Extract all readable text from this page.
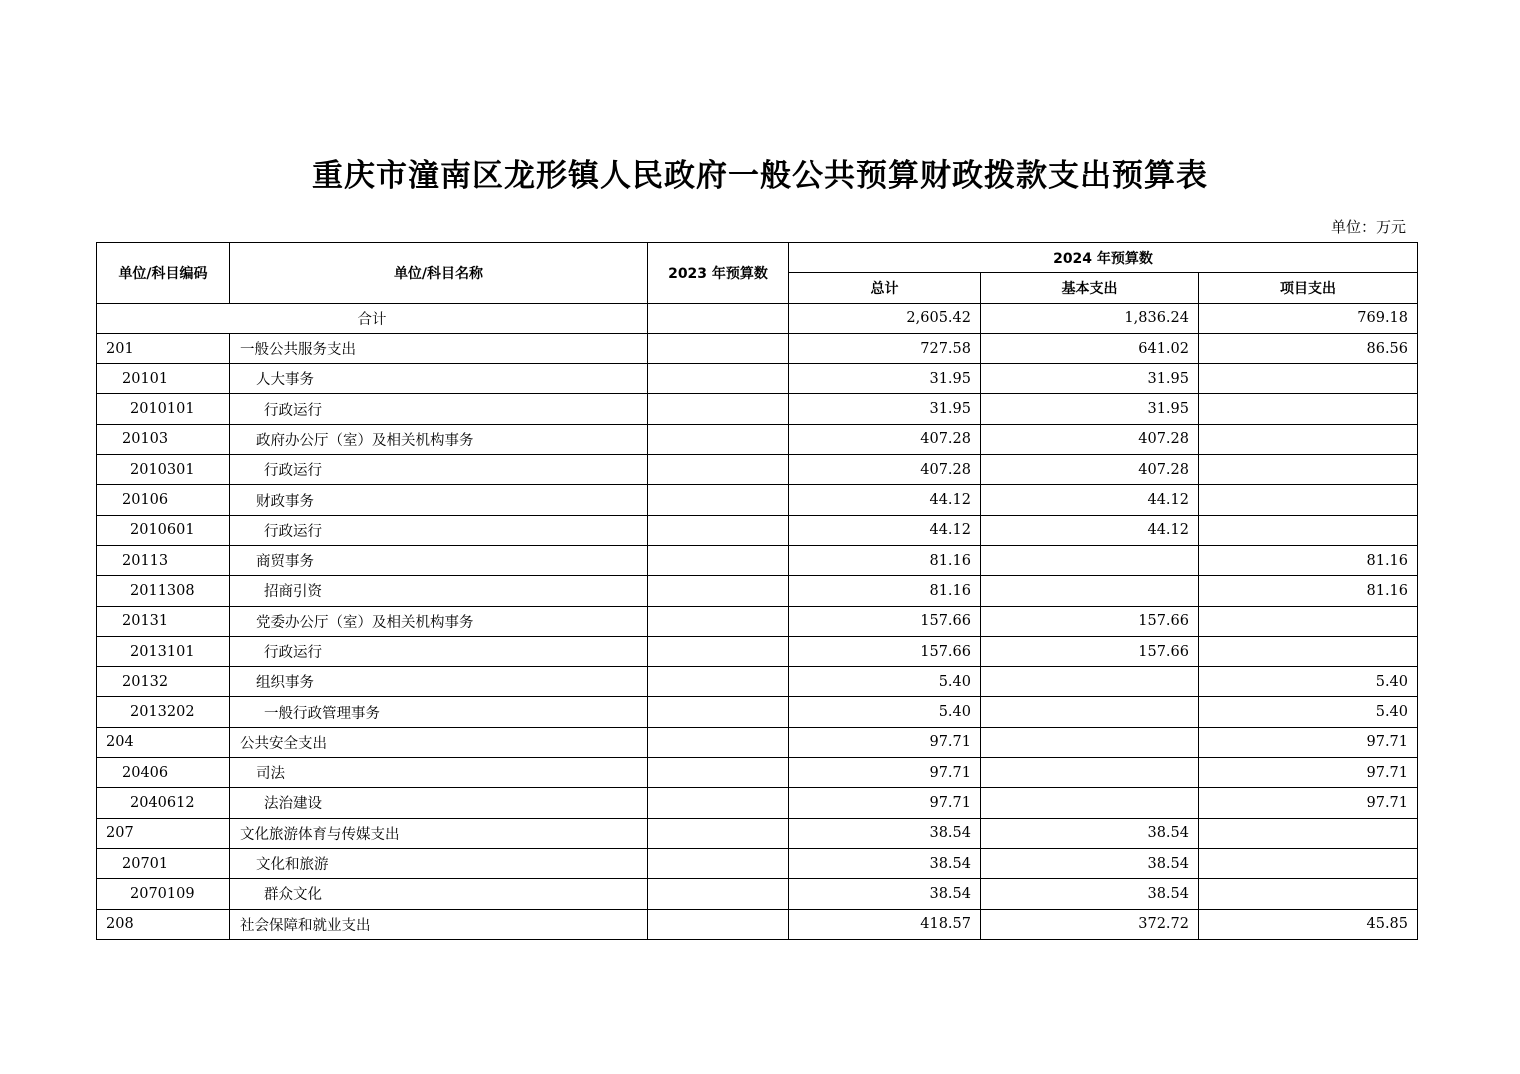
重庆市潼南区龙形镇人民政府一般公共预算财政拨款支出预算表
单位：万元
单位/科目编码	单位/科目名称	2023 年预算数	2024 年预算数		
			总计	基本支出	项目支出
合计			2,605.42	1,836.24	769.18
201	一般公共服务支出		727.58	641.02	86.56
20101	人大事务		31.95	31.95	
2010101	行政运行		31.95	31.95	
20103	政府办公厅（室）及相关机构事务		407.28	407.28	
2010301	行政运行		407.28	407.28	
20106	财政事务		44.12	44.12	
2010601	行政运行		44.12	44.12	
20113	商贸事务		81.16		81.16
2011308	招商引资		81.16		81.16
20131	党委办公厅（室）及相关机构事务		157.66	157.66	
2013101	行政运行		157.66	157.66	
20132	组织事务		5.40		5.40
2013202	一般行政管理事务		5.40		5.40
204	公共安全支出		97.71		97.71
20406	司法		97.71		97.71
2040612	法治建设		97.71		97.71
207	文化旅游体育与传媒支出		38.54	38.54	
20701	文化和旅游		38.54	38.54	
2070109	群众文化		38.54	38.54	
208	社会保障和就业支出		418.57	372.72	45.85
